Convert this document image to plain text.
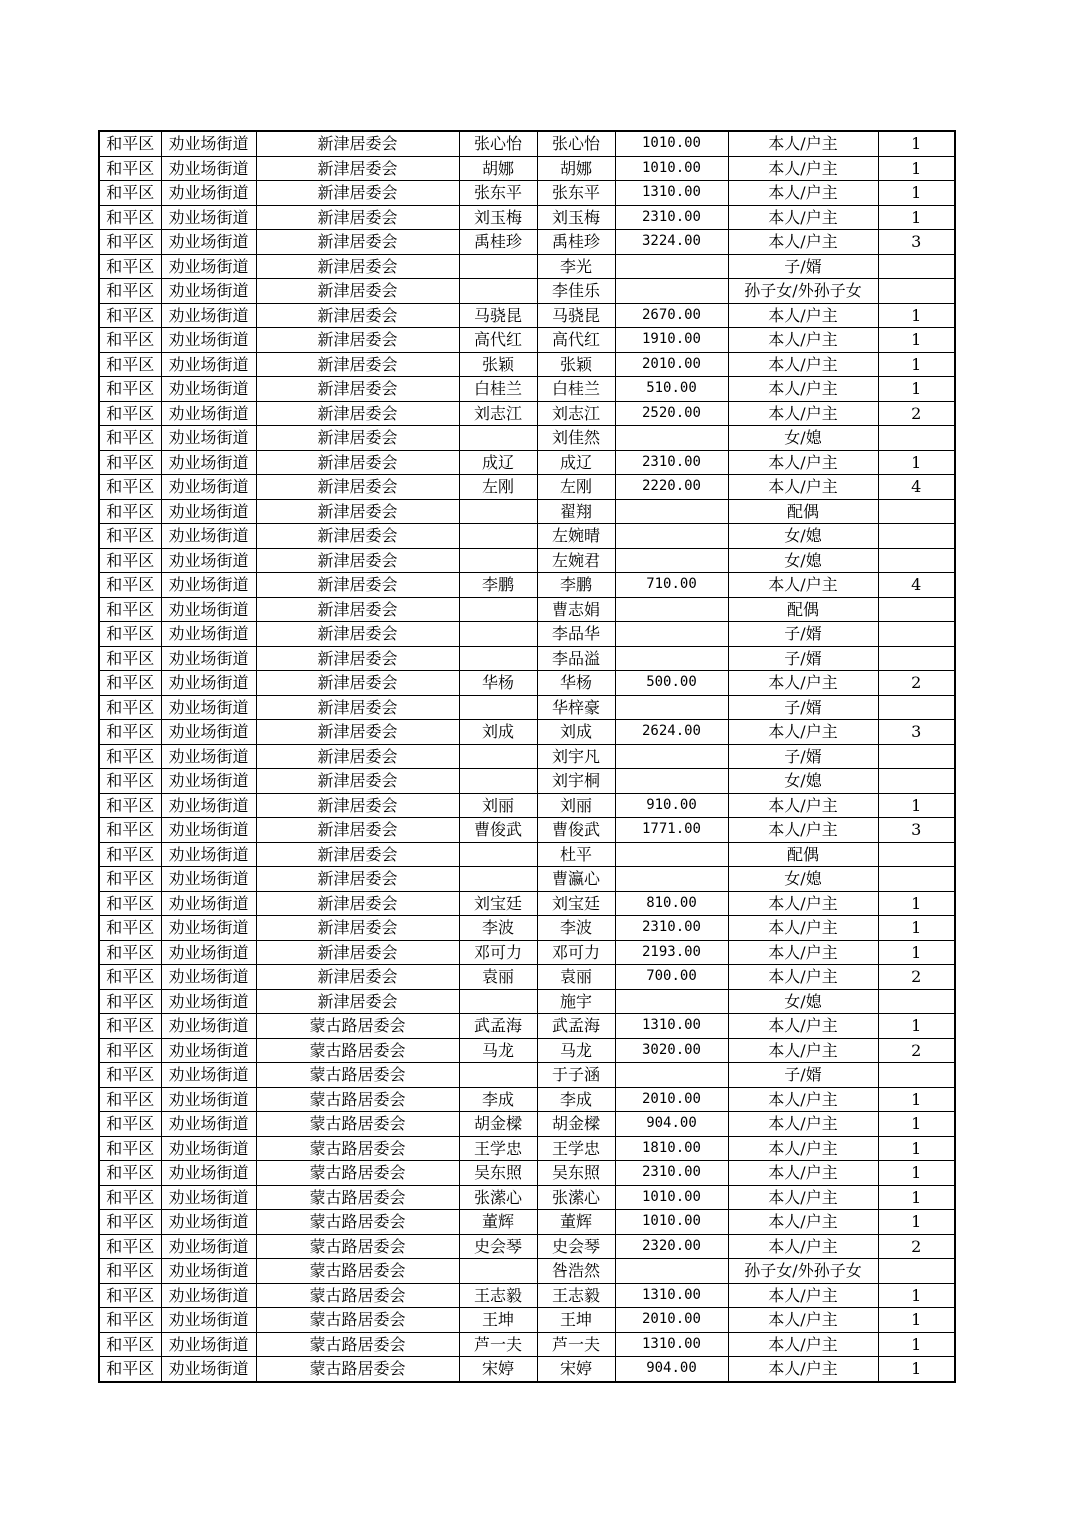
和平区	劝业场街道	新津居委会	张心怡	张心怡	1010.00	本人/户主	1
和平区	劝业场街道	新津居委会	胡娜	胡娜	1010.00	本人/户主	1
和平区	劝业场街道	新津居委会	张东平	张东平	1310.00	本人/户主	1
和平区	劝业场街道	新津居委会	刘玉梅	刘玉梅	2310.00	本人/户主	1
和平区	劝业场街道	新津居委会	禹桂珍	禹桂珍	3224.00	本人/户主	3
和平区	劝业场街道	新津居委会		李光		子/婿	
和平区	劝业场街道	新津居委会		李佳乐		孙子女/外孙子女	
和平区	劝业场街道	新津居委会	马骁昆	马骁昆	2670.00	本人/户主	1
和平区	劝业场街道	新津居委会	高代红	高代红	1910.00	本人/户主	1
和平区	劝业场街道	新津居委会	张颖	张颖	2010.00	本人/户主	1
和平区	劝业场街道	新津居委会	白桂兰	白桂兰	510.00	本人/户主	1
和平区	劝业场街道	新津居委会	刘志江	刘志江	2520.00	本人/户主	2
和平区	劝业场街道	新津居委会		刘佳然		女/媳	
和平区	劝业场街道	新津居委会	成辽	成辽	2310.00	本人/户主	1
和平区	劝业场街道	新津居委会	左刚	左刚	2220.00	本人/户主	4
和平区	劝业场街道	新津居委会		翟翔		配偶	
和平区	劝业场街道	新津居委会		左婉晴		女/媳	
和平区	劝业场街道	新津居委会		左婉君		女/媳	
和平区	劝业场街道	新津居委会	李鹏	李鹏	710.00	本人/户主	4
和平区	劝业场街道	新津居委会		曹志娟		配偶	
和平区	劝业场街道	新津居委会		李品华		子/婿	
和平区	劝业场街道	新津居委会		李品溢		子/婿	
和平区	劝业场街道	新津居委会	华杨	华杨	500.00	本人/户主	2
和平区	劝业场街道	新津居委会		华梓豪		子/婿	
和平区	劝业场街道	新津居委会	刘成	刘成	2624.00	本人/户主	3
和平区	劝业场街道	新津居委会		刘宇凡		子/婿	
和平区	劝业场街道	新津居委会		刘宇桐		女/媳	
和平区	劝业场街道	新津居委会	刘丽	刘丽	910.00	本人/户主	1
和平区	劝业场街道	新津居委会	曹俊武	曹俊武	1771.00	本人/户主	3
和平区	劝业场街道	新津居委会		杜平		配偶	
和平区	劝业场街道	新津居委会		曹瀛心		女/媳	
和平区	劝业场街道	新津居委会	刘宝廷	刘宝廷	810.00	本人/户主	1
和平区	劝业场街道	新津居委会	李波	李波	2310.00	本人/户主	1
和平区	劝业场街道	新津居委会	邓可力	邓可力	2193.00	本人/户主	1
和平区	劝业场街道	新津居委会	袁丽	袁丽	700.00	本人/户主	2
和平区	劝业场街道	新津居委会		施宇		女/媳	
和平区	劝业场街道	蒙古路居委会	武孟海	武孟海	1310.00	本人/户主	1
和平区	劝业场街道	蒙古路居委会	马龙	马龙	3020.00	本人/户主	2
和平区	劝业场街道	蒙古路居委会		于子涵		子/婿	
和平区	劝业场街道	蒙古路居委会	李成	李成	2010.00	本人/户主	1
和平区	劝业场街道	蒙古路居委会	胡金樑	胡金樑	904.00	本人/户主	1
和平区	劝业场街道	蒙古路居委会	王学忠	王学忠	1810.00	本人/户主	1
和平区	劝业场街道	蒙古路居委会	吴东照	吴东照	2310.00	本人/户主	1
和平区	劝业场街道	蒙古路居委会	张潆心	张潆心	1010.00	本人/户主	1
和平区	劝业场街道	蒙古路居委会	董辉	董辉	1010.00	本人/户主	1
和平区	劝业场街道	蒙古路居委会	史会琴	史会琴	2320.00	本人/户主	2
和平区	劝业场街道	蒙古路居委会		咎浩然		孙子女/外孙子女	
和平区	劝业场街道	蒙古路居委会	王志毅	王志毅	1310.00	本人/户主	1
和平区	劝业场街道	蒙古路居委会	王坤	王坤	2010.00	本人/户主	1
和平区	劝业场街道	蒙古路居委会	芦一夫	芦一夫	1310.00	本人/户主	1
和平区	劝业场街道	蒙古路居委会	宋婷	宋婷	904.00	本人/户主	1
